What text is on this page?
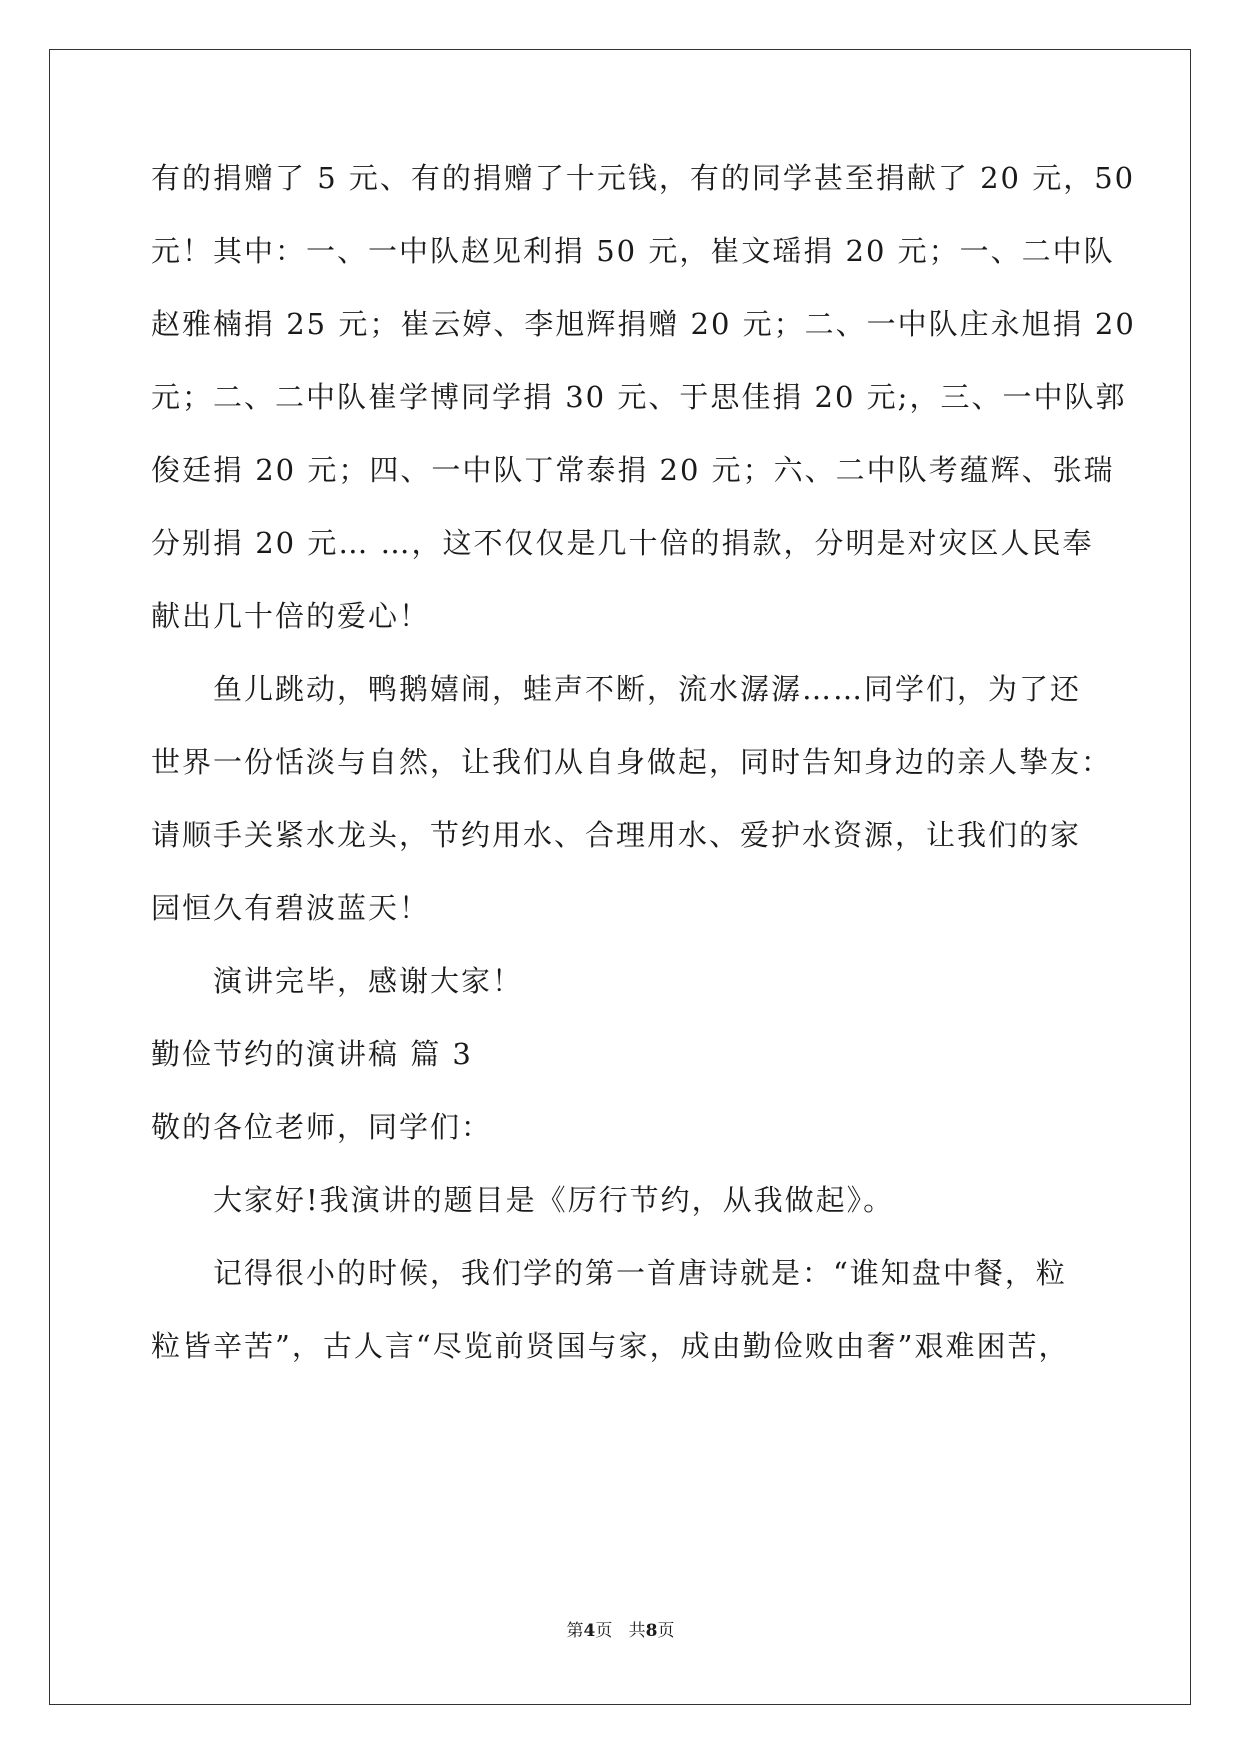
有的捐赠了 5 元、有的捐赠了十元钱，有的同学甚至捐献了 20 元，50
元！其中：一、一中队赵见利捐 50 元，崔文瑶捐 20 元；一、二中队
赵雅楠捐 25 元；崔云婷、李旭辉捐赠 20 元；二、一中队庄永旭捐 20
元；二、二中队崔学博同学捐 30 元、于思佳捐 20 元;，三、一中队郭
俊廷捐 20 元；四、一中队丁常泰捐 20 元；六、二中队考蕴辉、张瑞
分别捐 20 元… …，这不仅仅是几十倍的捐款，分明是对灾区人民奉
献出几十倍的爱心！
鱼儿跳动，鸭鹅嬉闹，蛙声不断，流水潺潺……同学们，为了还
世界一份恬淡与自然，让我们从自身做起，同时告知身边的亲人挚友：
请顺手关紧水龙头，节约用水、合理用水、爱护水资源，让我们的家
园恒久有碧波蓝天！
演讲完毕，感谢大家！
勤俭节约的演讲稿 篇 3
敬的各位老师，同学们：
大家好!我演讲的题目是《厉行节约，从我做起》。
记得很小的时候，我们学的第一首唐诗就是：“谁知盘中餐，粒
粒皆辛苦”，古人言“尽览前贤国与家，成由勤俭败由奢”艰难困苦，
第4页 共8页
